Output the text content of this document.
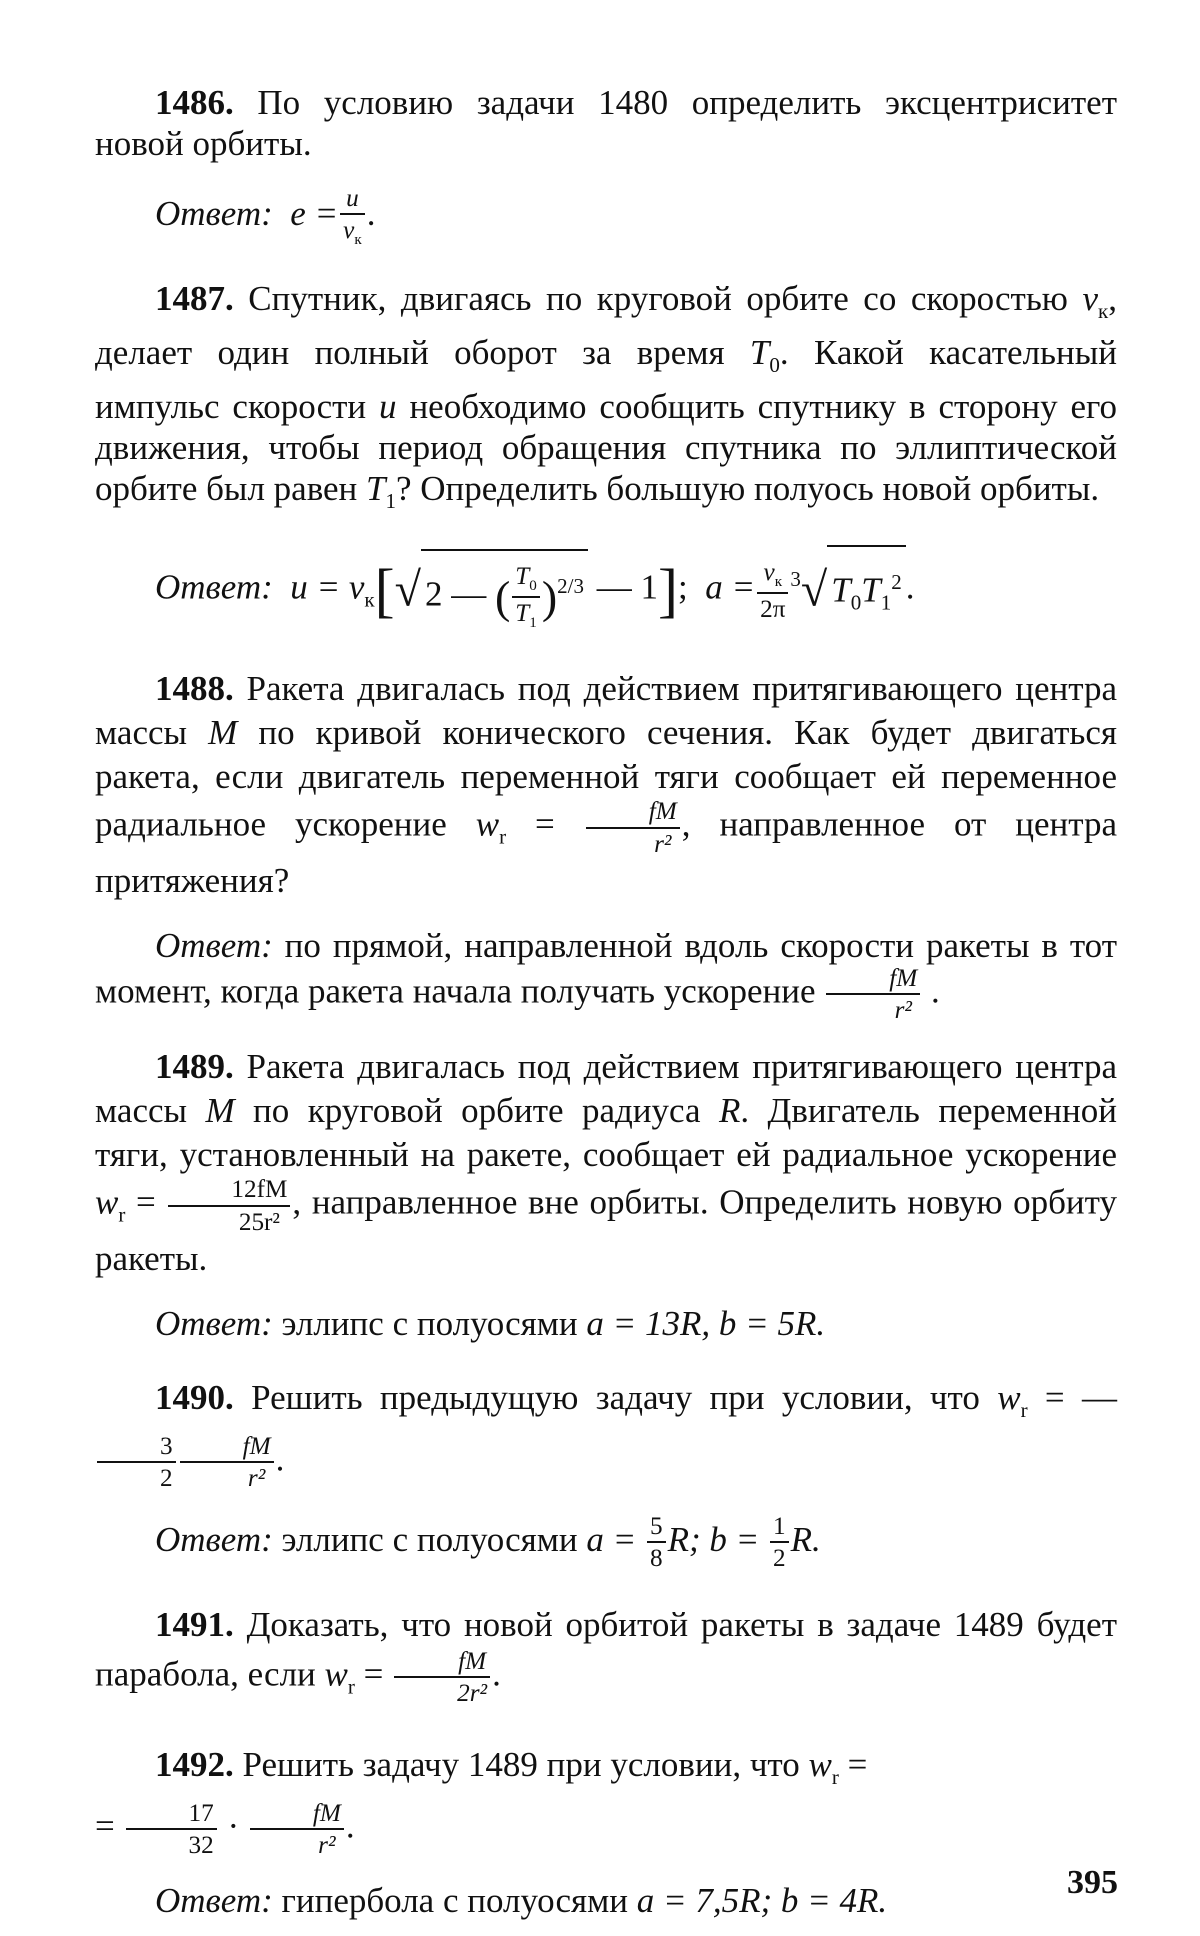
1486. По условию задачи 1480 определить эксцентриситет новой орбиты.

Ответ: $e = \frac{u}{v_к}$ .

1487. Спутник, двигаясь по круговой орбите со скоростью $v_к$, делает один полный оборот за время $T_0$. Какой касательный импульс скорости u необходимо сообщить спутнику в сторону его движения, чтобы период обращения спутника по эллиптической орбите был равен $T_1$? Определить большую полуось новой орбиты.

Ответ: $u = v_к[√$ 2 — ( $\frac{T_0}{T_1} )^{2/3}$ — 1]; $a = \frac{v_к}{2\pi} ^3√$ $T_0T_1^2$ .

1488. Ракета двигалась под действием притягивающего центра массы M по кривой конического сечения. Как будет двигаться ракета, если двигатель переменной тяги сообщает ей переменное радиальное ускорение $w_r = \frac{fM}{\text{r²}}$ , направленное от центра притяжения?

Ответ: по прямой, направленной вдоль скорости ракеты в тот момент, когда ракета начала получать ускорение $\frac{fM}{\text{r²}}$ .

1489. Ракета двигалась под действием притягивающего центра массы M по круговой орбите радиуса R. Двигатель переменной тяги, установленный на ракете, сообщает ей радиальное ускорение $w_r = \frac{12fM}{\text{25r²}}$ , направленное вне орбиты. Определить новую орбиту ракеты.

Ответ: эллипс с полуосями a = 13R, b = 5R.

1490. Решить предыдущую задачу при условии, что $w_r$ = —
$\frac{3}{2} \frac{fM}{\text{r²}}$ .

Ответ: эллипс с полуосями $a = \frac{5}{8} R$; $b = \frac{1}{2} R$.

1491. Доказать, что новой орбитой ракеты в задаче 1489 будет парабола, если $w_r = \frac{fM}{\text{2r²}}$ .

1492. Решить задачу 1489 при условии, что $w_r$ =
= $\frac{17}{32} \cdot \frac{fM}{\text{r²}}$ .

Ответ: гипербола с полуосями a = 7,5R; b = 4R.	395
